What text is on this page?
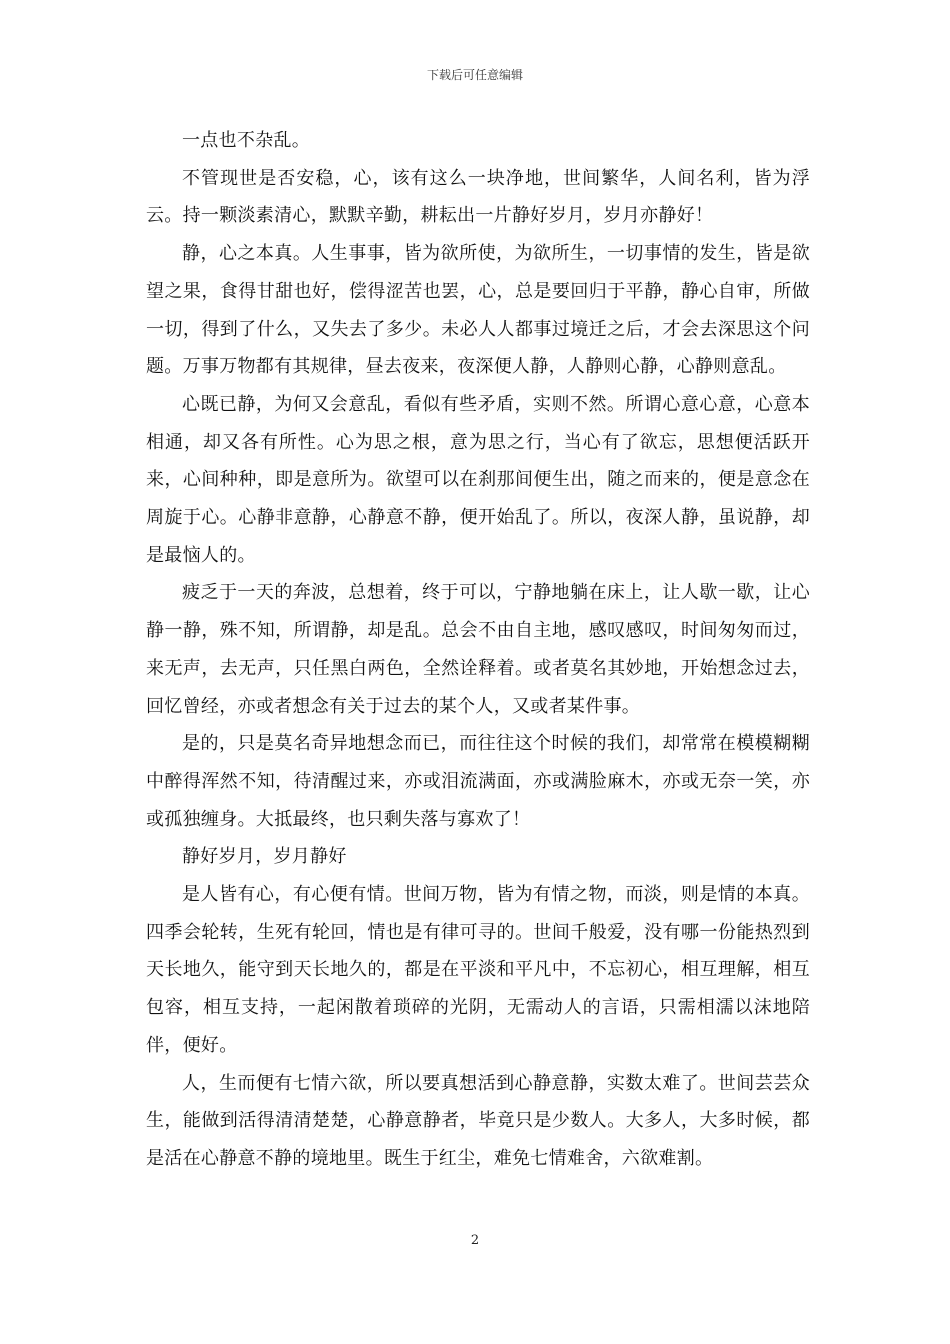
下载后可任意编辑

一点也不杂乱。

不管现世是否安稳，心，该有这么一块净地，世间繁华，人间名利，皆为浮云。持一颗淡素清心，默默辛勤，耕耘出一片静好岁月，岁月亦静好！

静，心之本真。人生事事，皆为欲所使，为欲所生，一切事情的发生，皆是欲望之果，食得甘甜也好，偿得涩苦也罢，心，总是要回归于平静，静心自审，所做一切，得到了什么，又失去了多少。未必人人都事过境迁之后，才会去深思这个问题。万事万物都有其规律，昼去夜来，夜深便人静，人静则心静，心静则意乱。

心既已静，为何又会意乱，看似有些矛盾，实则不然。所谓心意心意，心意本相通，却又各有所性。心为思之根，意为思之行，当心有了欲忘，思想便活跃开来，心间种种，即是意所为。欲望可以在刹那间便生出，随之而来的，便是意念在周旋于心。心静非意静，心静意不静，便开始乱了。所以，夜深人静，虽说静，却是最恼人的。

疲乏于一天的奔波，总想着，终于可以，宁静地躺在床上，让人歇一歇，让心静一静，殊不知，所谓静，却是乱。总会不由自主地，感叹感叹，时间匆匆而过，来无声，去无声，只任黑白两色，全然诠释着。或者莫名其妙地，开始想念过去，回忆曾经，亦或者想念有关于过去的某个人，又或者某件事。

是的，只是莫名奇异地想念而已，而往往这个时候的我们，却常常在模模糊糊中醉得浑然不知，待清醒过来，亦或泪流满面，亦或满脸麻木，亦或无奈一笑，亦或孤独缠身。大抵最终，也只剩失落与寡欢了！

静好岁月，岁月静好

是人皆有心，有心便有情。世间万物，皆为有情之物，而淡，则是情的本真。四季会轮转，生死有轮回，情也是有律可寻的。世间千般爱，没有哪一份能热烈到天长地久，能守到天长地久的，都是在平淡和平凡中，不忘初心，相互理解，相互包容，相互支持，一起闲散着琐碎的光阴，无需动人的言语，只需相濡以沫地陪伴，便好。

人，生而便有七情六欲，所以要真想活到心静意静，实数太难了。世间芸芸众生，能做到活得清清楚楚，心静意静者，毕竟只是少数人。大多人，大多时候，都是活在心静意不静的境地里。既生于红尘，难免七情难舍，六欲难割。

2
